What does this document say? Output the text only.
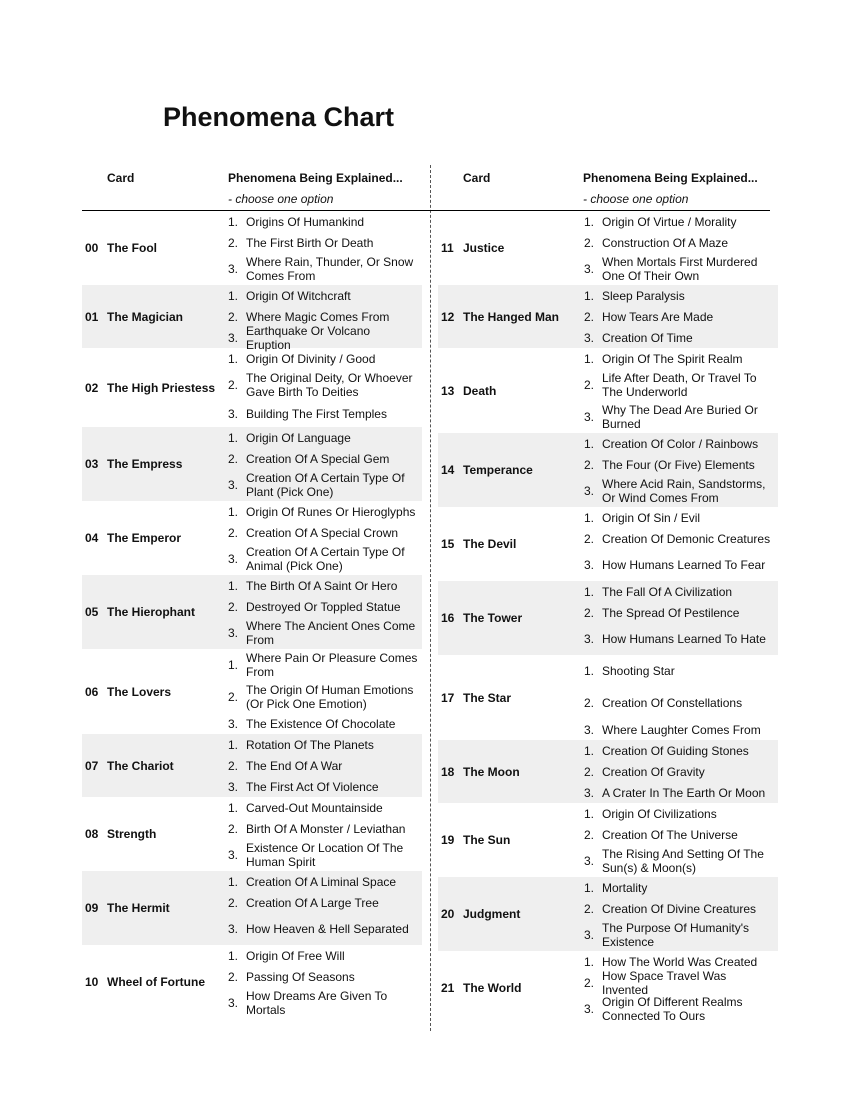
Phenomena Chart
Card	Phenomena Being Explained...
- choose one option
00 The Fool
1. Origins Of Humankind
2. The First Birth Or Death
3. Where Rain, Thunder, Or Snow Comes From
01 The Magician
1. Origin Of Witchcraft
2. Where Magic Comes From
3. Earthquake Or Volcano Eruption
02 The High Priestess
1. Origin Of Divinity / Good
2. The Original Deity, Or Whoever Gave Birth To Deities
3. Building The First Temples
03 The Empress
1. Origin Of Language
2. Creation Of A Special Gem
3. Creation Of A Certain Type Of Plant (Pick One)
04 The Emperor
1. Origin Of Runes Or Hieroglyphs
2. Creation Of A Special Crown
3. Creation Of A Certain Type Of Animal (Pick One)
05 The Hierophant
1. The Birth Of A Saint Or Hero
2. Destroyed Or Toppled Statue
3. Where The Ancient Ones Come From
06 The Lovers
1. Where Pain Or Pleasure Comes From
2. The Origin Of Human Emotions (Or Pick One Emotion)
3. The Existence Of Chocolate
07 The Chariot
1. Rotation Of The Planets
2. The End Of A War
3. The First Act Of Violence
08 Strength
1. Carved-Out Mountainside
2. Birth Of A Monster / Leviathan
3. Existence Or Location Of The Human Spirit
09 The Hermit
1. Creation Of A Liminal Space
2. Creation Of A Large Tree
3. How Heaven & Hell Separated
10 Wheel of Fortune
1. Origin Of Free Will
2. Passing Of Seasons
3. How Dreams Are Given To Mortals
Card	Phenomena Being Explained...
- choose one option
11 Justice
1. Origin Of Virtue / Morality
2. Construction Of A Maze
3. When Mortals First Murdered One Of Their Own
12 The Hanged Man
1. Sleep Paralysis
2. How Tears Are Made
3. Creation Of Time
13 Death
1. Origin Of The Spirit Realm
2. Life After Death, Or Travel To The Underworld
3. Why The Dead Are Buried Or Burned
14 Temperance
1. Creation Of Color / Rainbows
2. The Four (Or Five) Elements
3. Where Acid Rain, Sandstorms, Or Wind Comes From
15 The Devil
1. Origin Of Sin / Evil
2. Creation Of Demonic Creatures
3. How Humans Learned To Fear
16 The Tower
1. The Fall Of A Civilization
2. The Spread Of Pestilence
3. How Humans Learned To Hate
17 The Star
1. Shooting Star
2. Creation Of Constellations
3. Where Laughter Comes From
18 The Moon
1. Creation Of Guiding Stones
2. Creation Of Gravity
3. A Crater In The Earth Or Moon
19 The Sun
1. Origin Of Civilizations
2. Creation Of The Universe
3. The Rising And Setting Of The Sun(s) & Moon(s)
20 Judgment
1. Mortality
2. Creation Of Divine Creatures
3. The Purpose Of Humanity's Existence
21 The World
1. How The World Was Created
2. How Space Travel Was Invented
3. Origin Of Different Realms Connected To Ours
